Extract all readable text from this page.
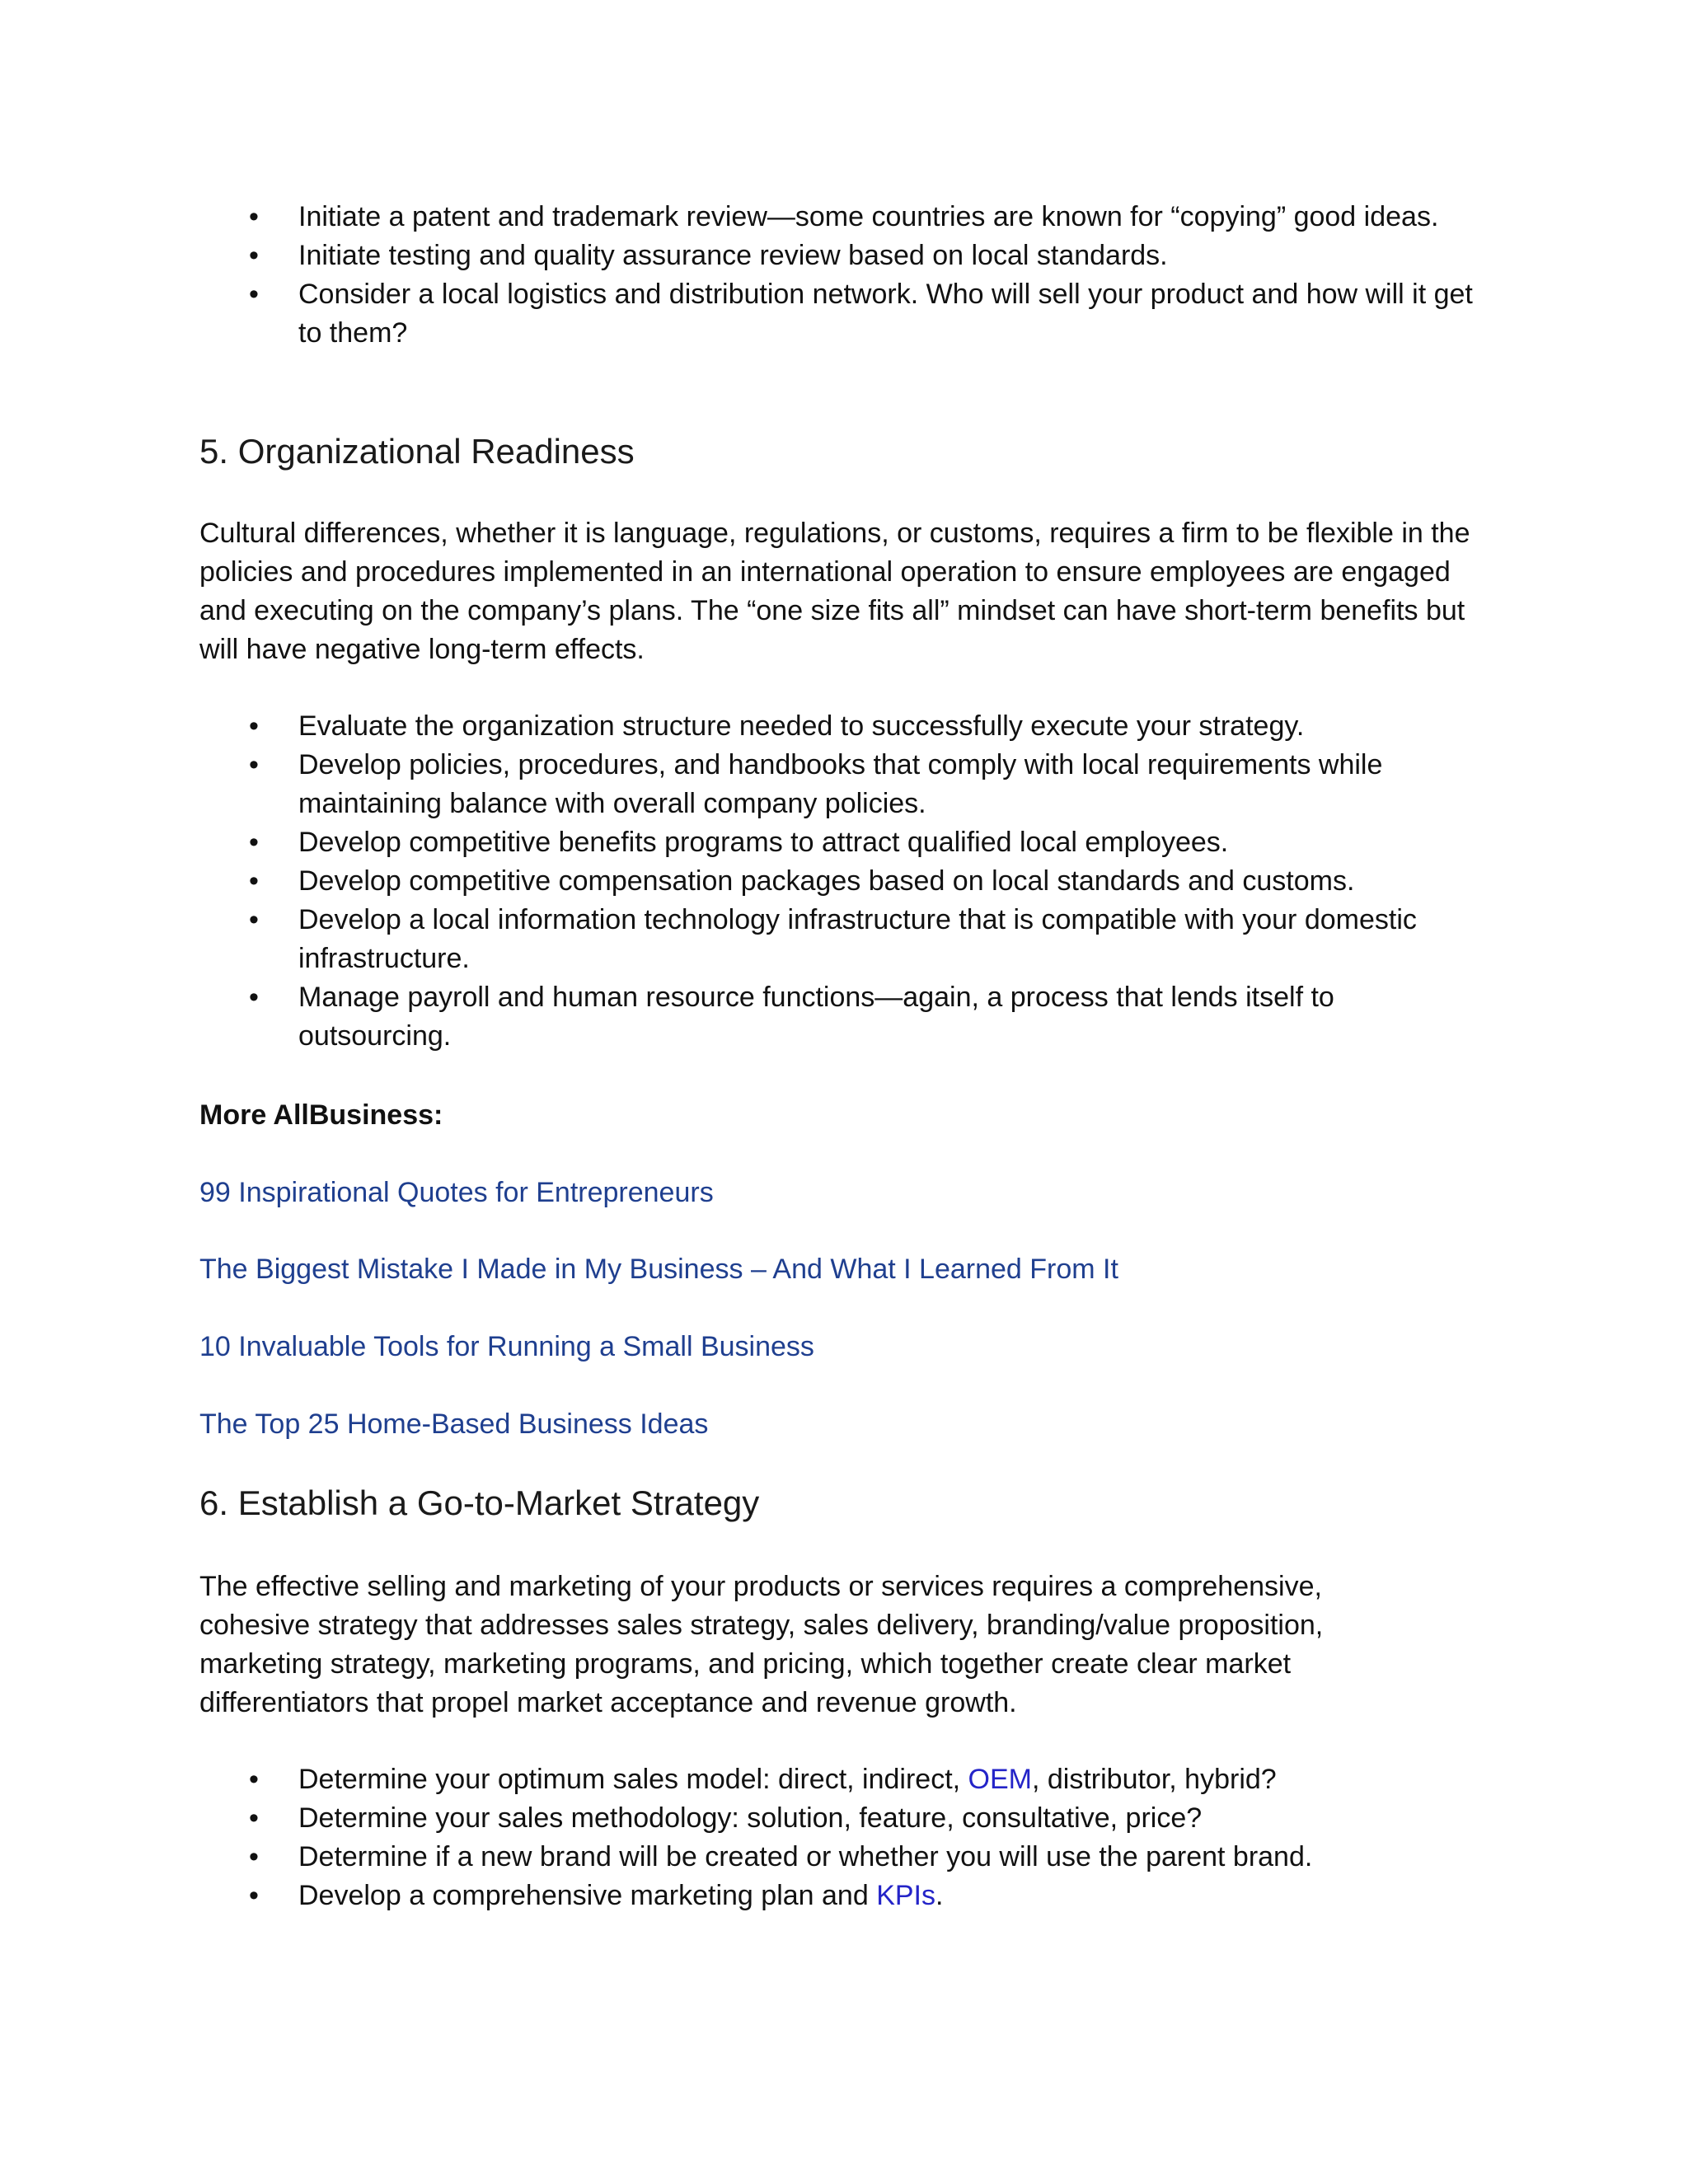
• Initiate a patent and trademark review—some countries are known for “copying” good ideas.
• Initiate testing and quality assurance review based on local standards.
• Consider a local logistics and distribution network. Who will sell your product and how will it get to them?
5. Organizational Readiness

Cultural differences, whether it is language, regulations, or customs, requires a firm to be flexible in the policies and procedures implemented in an international operation to ensure employees are engaged and executing on the company’s plans. The “one size fits all” mindset can have short-term benefits but will have negative long-term effects.

• Evaluate the organization structure needed to successfully execute your strategy.
• Develop policies, procedures, and handbooks that comply with local requirements while maintaining balance with overall company policies.
• Develop competitive benefits programs to attract qualified local employees.
• Develop competitive compensation packages based on local standards and customs.
• Develop a local information technology infrastructure that is compatible with your domestic infrastructure.
• Manage payroll and human resource functions—again, a process that lends itself to outsourcing.

More AllBusiness:

99 Inspirational Quotes for Entrepreneurs
The Biggest Mistake I Made in My Business – And What I Learned From It
10 Invaluable Tools for Running a Small Business
The Top 25 Home-Based Business Ideas
6. Establish a Go-to-Market Strategy

The effective selling and marketing of your products or services requires a comprehensive, cohesive strategy that addresses sales strategy, sales delivery, branding/value proposition, marketing strategy, marketing programs, and pricing, which together create clear market differentiators that propel market acceptance and revenue growth.

• Determine your optimum sales model: direct, indirect, OEM, distributor, hybrid?
• Determine your sales methodology: solution, feature, consultative, price?
• Determine if a new brand will be created or whether you will use the parent brand.
• Develop a comprehensive marketing plan and KPIs.
